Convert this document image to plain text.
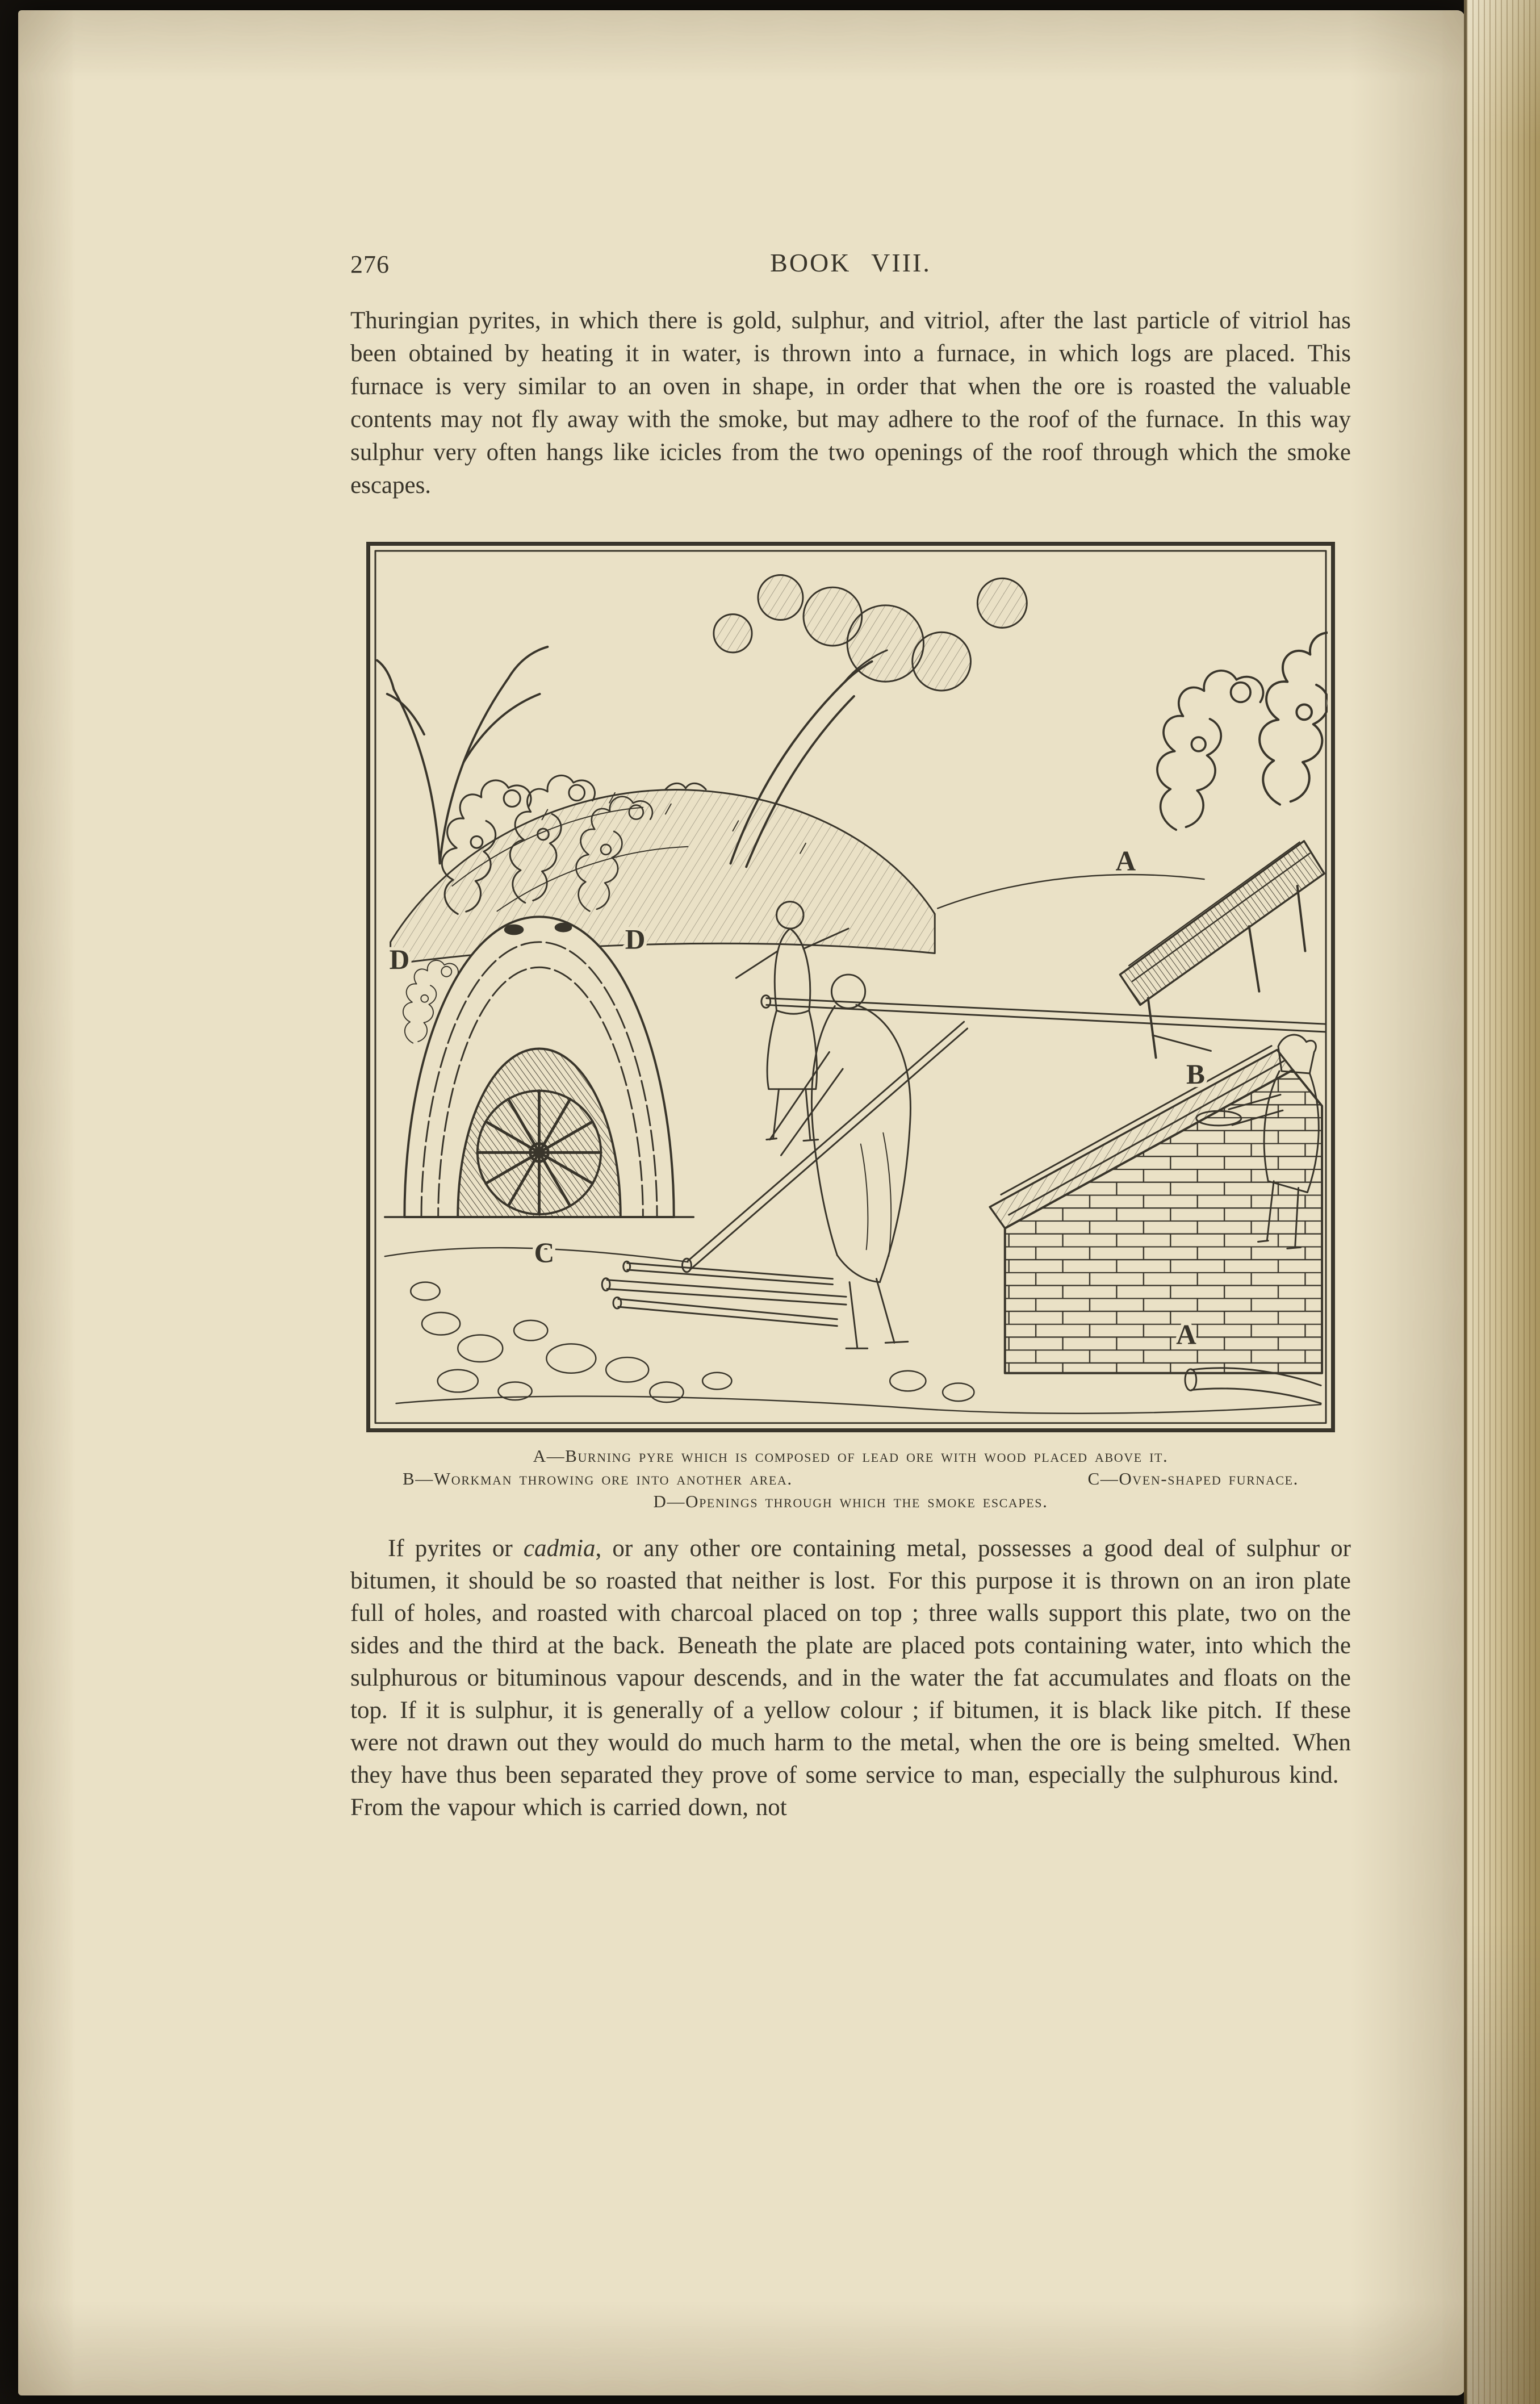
276	BOOK VIII.

Thuringian pyrites, in which there is gold, sulphur, and vitriol, after the last particle of vitriol has been obtained by heating it in water, is thrown into a furnace, in which logs are placed. This furnace is very similar to an oven in shape, in order that when the ore is roasted the valuable contents may not fly away with the smoke, but may adhere to the roof of the furnace. In this way sulphur very often hangs like icicles from the two openings of the roof through which the smoke escapes.

D
D
A
B
C
A
A—Burning pyre which is composed of lead ore with wood placed above it.
B—Workman throwing ore into another area.	C—Oven-shaped furnace.
D—Openings through which the smoke escapes.

If pyrites or cadmia, or any other ore containing metal, possesses a good deal of sulphur or bitumen, it should be so roasted that neither is lost. For this purpose it is thrown on an iron plate full of holes, and roasted with charcoal placed on top ; three walls support this plate, two on the sides and the third at the back. Beneath the plate are placed pots containing water, into which the sulphurous or bituminous vapour descends, and in the water the fat accumulates and floats on the top. If it is sulphur, it is generally of a yellow colour ; if bitumen, it is black like pitch. If these were not drawn out they would do much harm to the metal, when the ore is being smelted. When they have thus been separated they prove of some service to man, especially the sulphurous kind. From the vapour which is carried down, not
